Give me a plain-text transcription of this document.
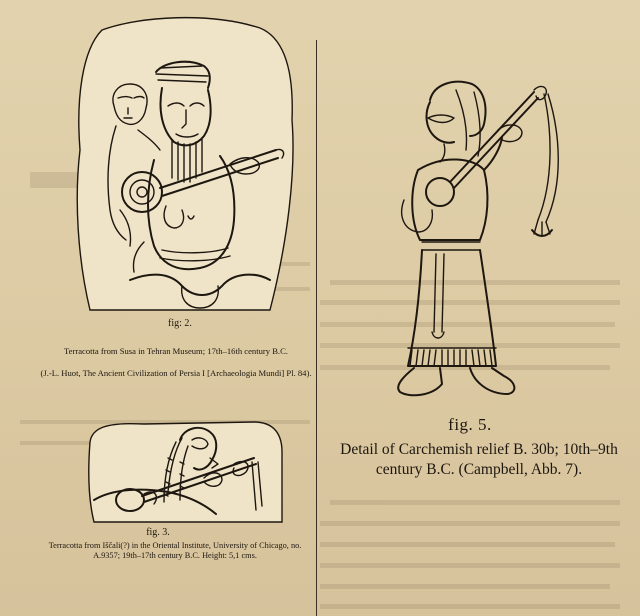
fig: 2.
Terracotta from Susa in Tehran Museum; 17th–16th century B.C.
(J.-L. Huot, The Ancient Civilization of Persia I [Archaeologia Mundi] Pl. 84).
fig. 3.
Terracotta from Iščali(?) in the Oriental Institute, University of Chicago, no. A.9357; 19th–17th century B.C. Height: 5,1 cms.
fig. 5.
Detail of Carchemish relief B. 30b; 10th–9th century B.C. (Campbell, Abb. 7).
